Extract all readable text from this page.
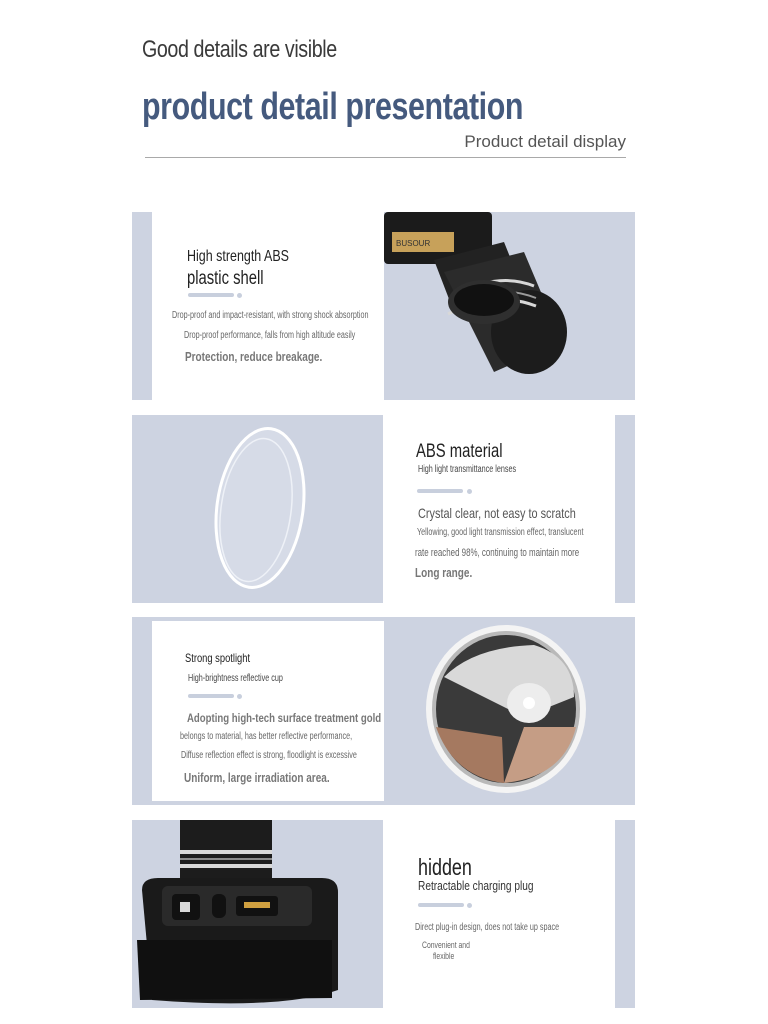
Good details are visible
product detail presentation
Product detail display
High strength ABS
plastic shell
Drop-proof and impact-resistant, with strong shock absorption
Drop-proof performance, falls from high altitude easily
Protection, reduce breakage.
BUSOUR
ABS material
High light transmittance lenses
Crystal clear, not easy to scratch
Yellowing, good light transmission effect, translucent
rate reached 98%, continuing to maintain more
Long range.
Strong spotlight
High-brightness reflective cup
Adopting high-tech surface treatment gold
belongs to material, has better reflective performance,
Diffuse reflection effect is strong, floodlight is excessive
Uniform, large irradiation area.
hidden
Retractable charging plug
Direct plug-in design, does not take up space
Convenient and
flexible
